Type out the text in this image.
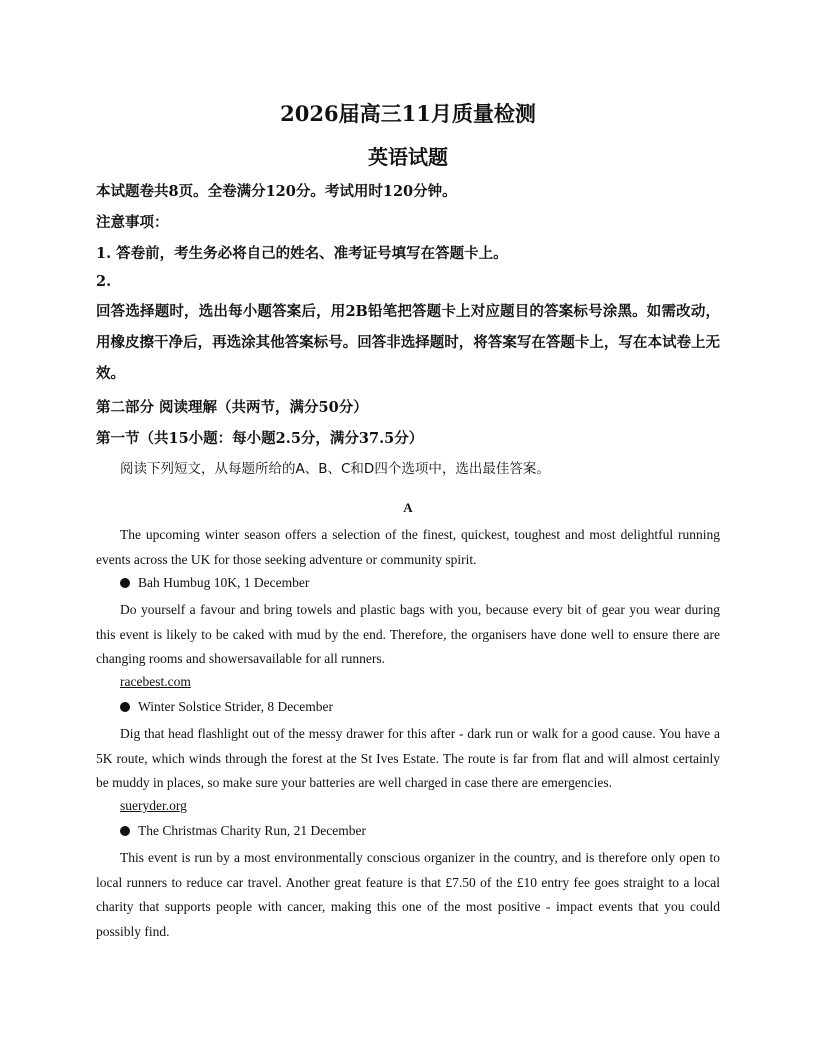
2026届高三11月质量检测
英语试题
本试题卷共8页。全卷满分120分。考试用时120分钟。
注意事项：
1. 答卷前，考生务必将自己的姓名、准考证号填写在答题卡上。
2.
回答选择题时，选出每小题答案后，用2B铅笔把答题卡上对应题目的答案标号涂黑。如需改动，用橡皮擦干净后，再选涂其他答案标号。回答非选择题时，将答案写在答题卡上，写在本试卷上无效。
第二部分 阅读理解（共两节，满分50分）
第一节（共15小题：每小题2.5分，满分37.5分）
阅读下列短文，从每题所给的A、B、C和D四个选项中，选出最佳答案。
A
The upcoming winter season offers a selection of the finest, quickest, toughest and most delightful running events across the UK for those seeking adventure or community spirit.
Bah Humbug 10K, 1 December
Do yourself a favour and bring towels and plastic bags with you, because every bit of gear you wear during this event is likely to be caked with mud by the end. Therefore, the organisers have done well to ensure there are changing rooms and showersavailable for all runners.
racebest.com
Winter Solstice Strider, 8 December
Dig that head flashlight out of the messy drawer for this after - dark run or walk for a good cause. You have a 5K route, which winds through the forest at the St Ives Estate. The route is far from flat and will almost certainly be muddy in places, so make sure your batteries are well charged in case there are emergencies.
sueryder.org
The Christmas Charity Run, 21 December
This event is run by a most environmentally conscious organizer in the country, and is therefore only open to local runners to reduce car travel. Another great feature is that £7.50 of the £10 entry fee goes straight to a local charity that supports people with cancer, making this one of the most positive - impact events that you could possibly find.
